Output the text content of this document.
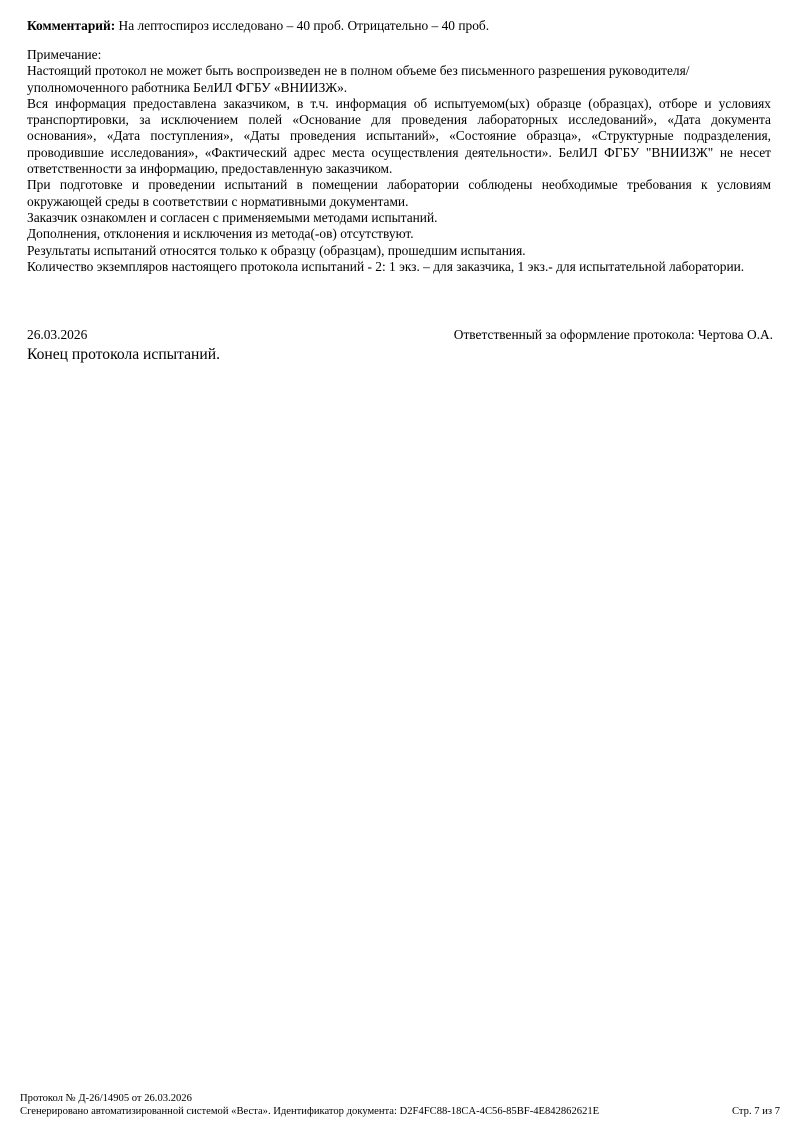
Комментарий: На лептоспироз исследовано – 40 проб. Отрицательно – 40 проб.

Примечание:

Настоящий протокол не может быть воспроизведен не в полном объеме без письменного разрешения руководителя/уполномоченного работника БелИЛ ФГБУ «ВНИИЗЖ».

Вся информация предоставлена заказчиком, в т.ч. информация об испытуемом(ых) образце (образцах), отборе и условиях транспортировки, за исключением полей «Основание для проведения лабораторных исследований», «Дата документа основания», «Дата поступления», «Даты проведения испытаний», «Состояние образца», «Структурные подразделения, проводившие исследования», «Фактический адрес места осуществления деятельности». БелИЛ ФГБУ "ВНИИЗЖ" не несет ответственности за информацию, предоставленную заказчиком.

При подготовке и проведении испытаний в помещении лаборатории соблюдены необходимые требования к условиям окружающей среды в соответствии с нормативными документами.

Заказчик ознакомлен и согласен с применяемыми методами испытаний.

Дополнения, отклонения и исключения из метода(-ов) отсутствуют.

Результаты испытаний относятся только к образцу (образцам), прошедшим испытания.

Количество экземпляров настоящего протокола испытаний - 2: 1 экз. – для заказчика, 1 экз.- для испытательной лаборатории.

26.03.2026	Ответственный за оформление протокола: Чертова О.А.
Конец протокола испытаний.
Протокол № Д-26/14905 от 26.03.2026
Сгенерировано автоматизированной системой «Веста». Идентификатор документа: D2F4FC88-18CA-4C56-85BF-4E842862621E	Стр. 7 из 7
